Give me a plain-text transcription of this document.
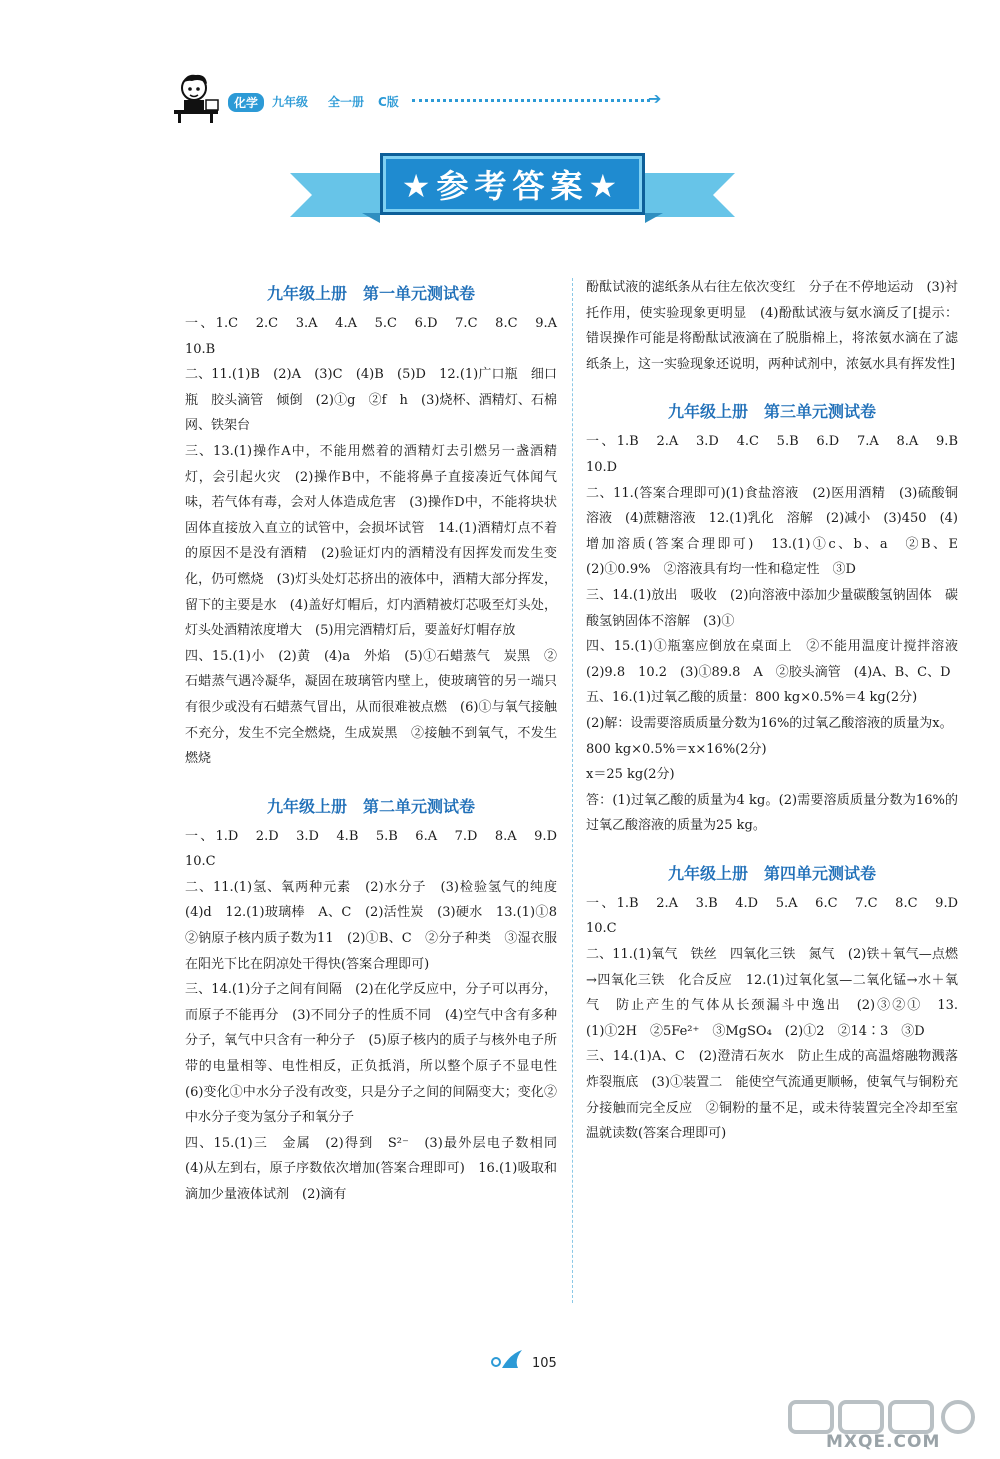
化学	九年级 全一册 C版	➔
★参考答案★
九年级上册　第一单元测试卷
一、1.C　2.C　3.A　4.A　5.C　6.D　7.C　8.C　9.A　10.B
二、11.(1)B　(2)A　(3)C　(4)B　(5)D　12.(1)广口瓶　细口瓶　胶头滴管　倾倒　(2)①g　②f　h　(3)烧杯、酒精灯、石棉网、铁架台
三、13.(1)操作A中，不能用燃着的酒精灯去引燃另一盏酒精灯，会引起火灾　(2)操作B中，不能将鼻子直接凑近气体闻气味，若气体有毒，会对人体造成危害　(3)操作D中，不能将块状固体直接放入直立的试管中，会损坏试管　14.(1)酒精灯点不着的原因不是没有酒精　(2)验证灯内的酒精没有因挥发而发生变化，仍可燃烧　(3)灯头处灯芯挤出的液体中，酒精大部分挥发，留下的主要是水　(4)盖好灯帽后，灯内酒精被灯芯吸至灯头处，灯头处酒精浓度增大　(5)用完酒精灯后，要盖好灯帽存放
四、15.(1)小　(2)黄　(4)a　外焰　(5)①石蜡蒸气　炭黑　②石蜡蒸气遇冷凝华，凝固在玻璃管内壁上，使玻璃管的另一端只有很少或没有石蜡蒸气冒出，从而很难被点燃　(6)①与氧气接触不充分，发生不完全燃烧，生成炭黑　②接触不到氧气，不发生燃烧
九年级上册　第二单元测试卷
一、1.D　2.D　3.D　4.B　5.B　6.A　7.D　8.A　9.D　10.C
二、11.(1)氢、氧两种元素　(2)水分子　(3)检验氢气的纯度　(4)d　12.(1)玻璃棒　A、C　(2)活性炭　(3)硬水　13.(1)①8　②钠原子核内质子数为11　(2)①B、C　②分子种类　③湿衣服在阳光下比在阴凉处干得快(答案合理即可)
三、14.(1)分子之间有间隔　(2)在化学反应中，分子可以再分，而原子不能再分　(3)不同分子的性质不同　(4)空气中含有多种分子，氧气中只含有一种分子　(5)原子核内的质子与核外电子所带的电量相等、电性相反，正负抵消，所以整个原子不显电性　(6)变化①中水分子没有改变，只是分子之间的间隔变大；变化②中水分子变为氢分子和氧分子
四、15.(1)三　金属　(2)得到　S²⁻　(3)最外层电子数相同　(4)从左到右，原子序数依次增加(答案合理即可)　16.(1)吸取和滴加少量液体试剂　(2)滴有
酚酞试液的滤纸条从右往左依次变红　分子在不停地运动　(3)衬托作用，使实验现象更明显　(4)酚酞试液与氨水滴反了[提示：错误操作可能是将酚酞试液滴在了脱脂棉上，将浓氨水滴在了滤纸条上，这一实验现象还说明，两种试剂中，浓氨水具有挥发性]
九年级上册　第三单元测试卷
一、1.B　2.A　3.D　4.C　5.B　6.D　7.A　8.A　9.B　10.D
二、11.(答案合理即可)(1)食盐溶液　(2)医用酒精　(3)硫酸铜溶液　(4)蔗糖溶液　12.(1)乳化　溶解　(2)减小　(3)450　(4)增加溶质(答案合理即可)　13.(1)①c、b、a　②B、E　(2)①0.9%　②溶液具有均一性和稳定性　③D
三、14.(1)放出　吸收　(2)向溶液中添加少量碳酸氢钠固体　碳酸氢钠固体不溶解　(3)①
四、15.(1)①瓶塞应倒放在桌面上　②不能用温度计搅拌溶液　(2)9.8　10.2　(3)①89.8　A　②胶头滴管　(4)A、B、C、D
五、16.(1)过氧乙酸的质量：800 kg×0.5%＝4 kg(2分)
(2)解：设需要溶质质量分数为16%的过氧乙酸溶液的质量为x。
800 kg×0.5%＝x×16%(2分)
x＝25 kg(2分)
答：(1)过氧乙酸的质量为4 kg。(2)需要溶质质量分数为16%的过氧乙酸溶液的质量为25 kg。
九年级上册　第四单元测试卷
一、1.B　2.A　3.B　4.D　5.A　6.C　7.C　8.C　9.D　10.C
二、11.(1)氧气　铁丝　四氧化三铁　氮气　(2)铁＋氧气—点燃→四氧化三铁　化合反应　12.(1)过氧化氢—二氧化锰→水＋氧气　防止产生的气体从长颈漏斗中逸出　(2)③②①　13.(1)①2H　②5Fe²⁺　③MgSO₄　(2)①2　②14∶3　③D
三、14.(1)A、C　(2)澄清石灰水　防止生成的高温熔融物溅落炸裂瓶底　(3)①装置二　能使空气流通更顺畅，使氧气与铜粉充分接触而完全反应　②铜粉的量不足，或未待装置完全冷却至室温就读数(答案合理即可)
105
MXQE.COM
